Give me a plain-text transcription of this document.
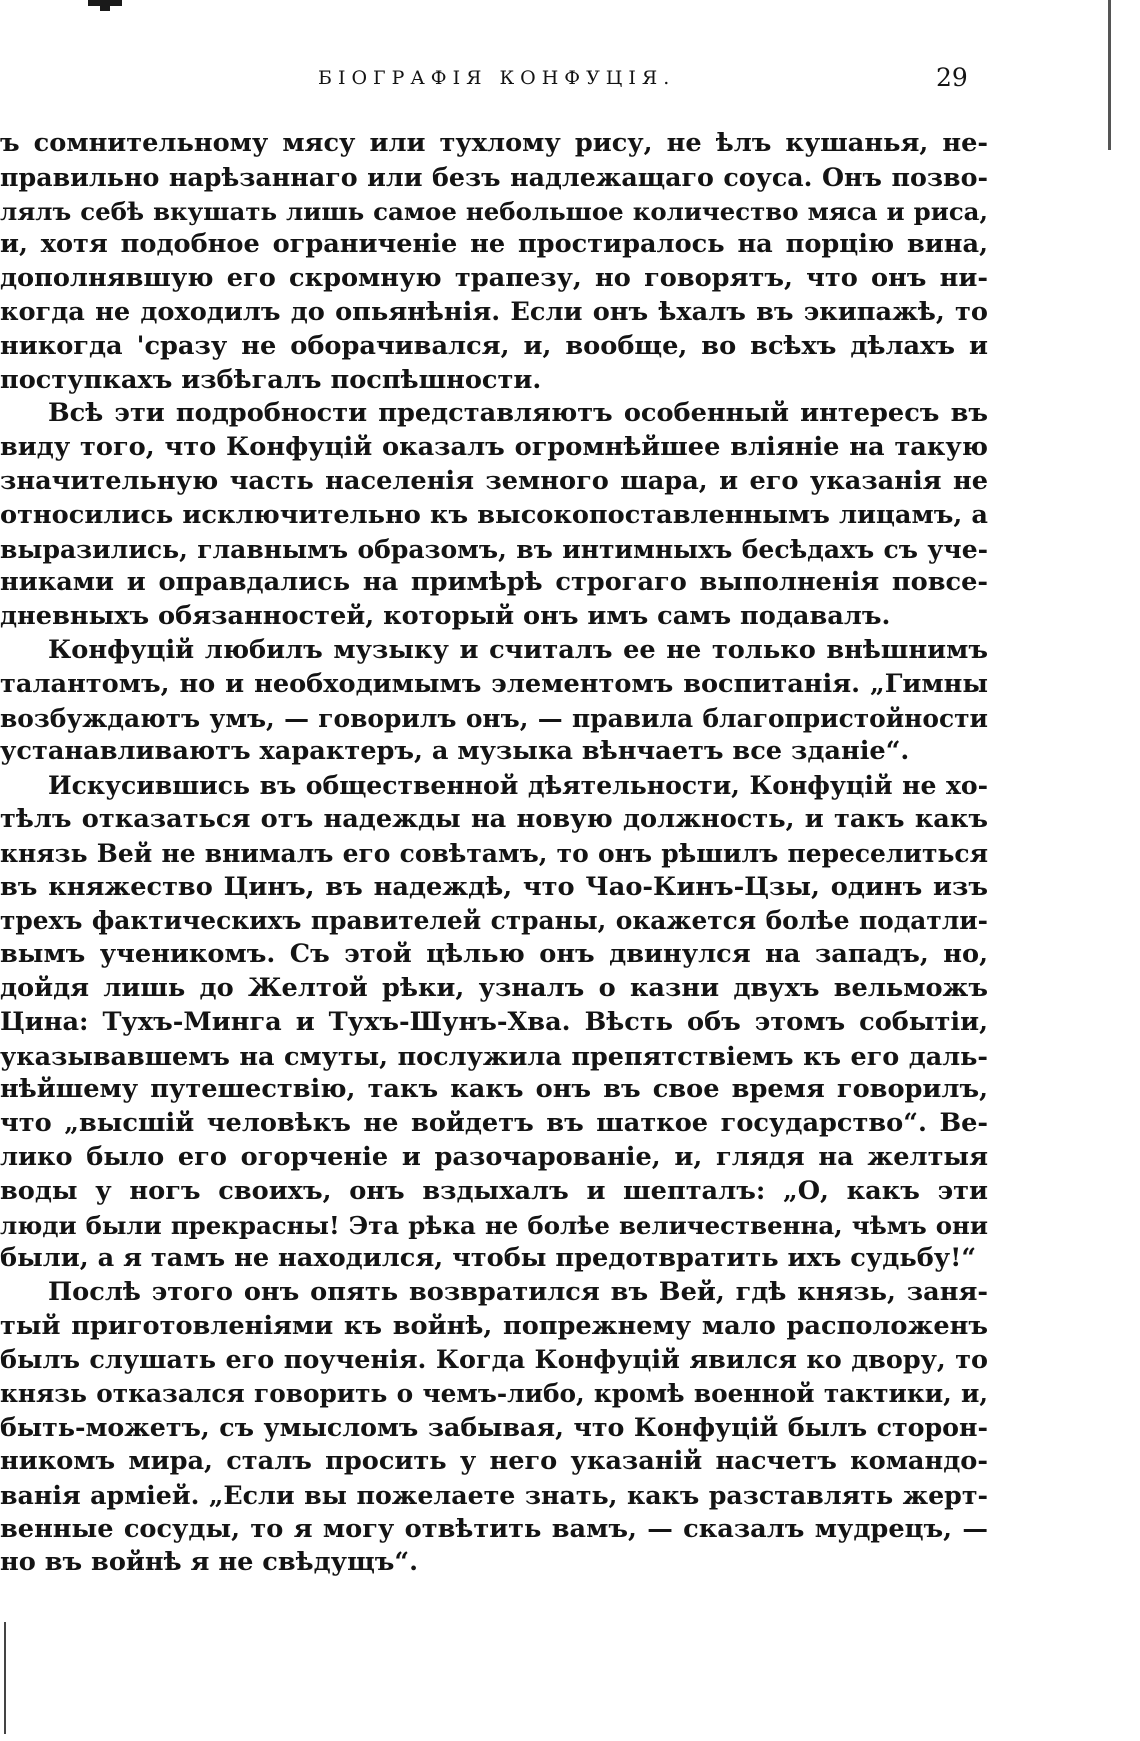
БІОГРАФІЯ КОНФУЦІЯ.	29
ъ сомнительному мясу или тухлому рису, не ѣлъ кушанья, не-
правильно нарѣзаннаго или безъ надлежащаго соуса. Онъ позво-
лялъ себѣ вкушать лишь самое небольшое количество мяса и риса,
и, хотя подобное ограниченіе не простиралось на порцію вина,
дополнявшую его скромную трапезу, но говорятъ, что онъ ни-
когда не доходилъ до опьянѣнія. Если онъ ѣхалъ въ экипажѣ, то
никогда 'сразу не оборачивался, и, вообще, во всѣхъ дѣлахъ и
поступкахъ избѣгалъ поспѣшности.
Всѣ эти подробности представляютъ особенный интересъ въ
виду того, что Конфуцій оказалъ огромнѣйшее вліяніе на такую
значительную часть населенія земного шара, и его указанія не
относились исключительно къ высокопоставленнымъ лицамъ, а
выразились, главнымъ образомъ, въ интимныхъ бесѣдахъ съ уче-
никами и оправдались на примѣрѣ строгаго выполненія повсе-
дневныхъ обязанностей, который онъ имъ самъ подавалъ.
Конфуцій любилъ музыку и считалъ ее не только внѣшнимъ
талантомъ, но и необходимымъ элементомъ воспитанія. „Гимны
возбуждаютъ умъ, — говорилъ онъ, — правила благопристойности
устанавливаютъ характеръ, а музыка вѣнчаетъ все зданіе“.
Искусившись въ общественной дѣятельности, Конфуцій не хо-
тѣлъ отказаться отъ надежды на новую должность, и такъ какъ
князь Вей не внималъ его совѣтамъ, то онъ рѣшилъ переселиться
въ княжество Цинъ, въ надеждѣ, что Чао-Кинъ-Цзы, одинъ изъ
трехъ фактическихъ правителей страны, окажется болѣе податли-
вымъ ученикомъ. Съ этой цѣлью онъ двинулся на западъ, но,
дойдя лишь до Желтой рѣки, узналъ о казни двухъ вельможъ
Цина: Тухъ-Минга и Тухъ-Шунъ-Хва. Вѣсть объ этомъ событіи,
указывавшемъ на смуты, послужила препятствіемъ къ его даль-
нѣйшему путешествію, такъ какъ онъ въ свое время говорилъ,
что „высшій человѣкъ не войдетъ въ шаткое государство“. Ве-
лико было его огорченіе и разочарованіе, и, глядя на желтыя
воды у ногъ своихъ, онъ вздыхалъ и шепталъ: „О, какъ эти
люди были прекрасны! Эта рѣка не болѣе величественна, чѣмъ они
были, а я тамъ не находился, чтобы предотвратить ихъ судьбу!“
Послѣ этого онъ опять возвратился въ Вей, гдѣ князь, заня-
тый приготовленіями къ войнѣ, попрежнему мало расположенъ
былъ слушать его поученія. Когда Конфуцій явился ко двору, то
князь отказался говорить о чемъ-либо, кромѣ военной тактики, и,
быть-можетъ, съ умысломъ забывая, что Конфуцій былъ сторон-
никомъ мира, сталъ просить у него указаній насчетъ командо-
ванія арміей. „Если вы пожелаете знать, какъ разставлять жерт-
венные сосуды, то я могу отвѣтить вамъ, — сказалъ мудрецъ, —
но въ войнѣ я не свѣдущъ“.
